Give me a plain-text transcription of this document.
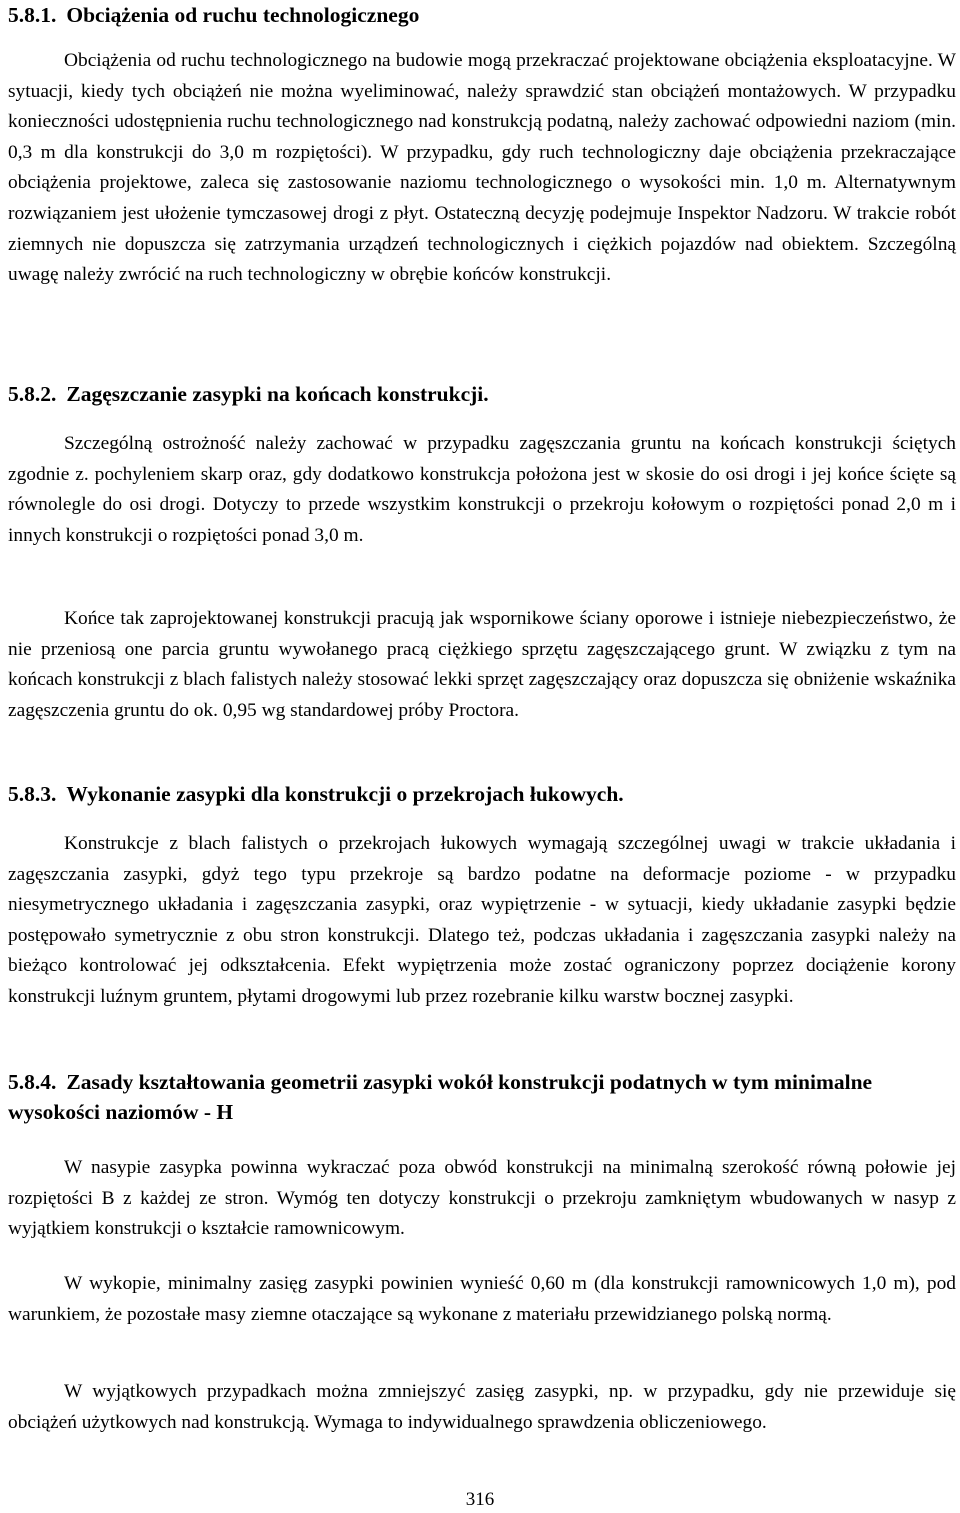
5.8.1. Obciążenia od ruchu technologicznego

Obciążenia od ruchu technologicznego na budowie mogą przekraczać projektowane obciążenia eksploatacyjne. W sytuacji, kiedy tych obciążeń nie można wyeliminować, należy sprawdzić stan obciążeń montażowych. W przypadku konieczności udostępnienia ruchu technologicznego nad konstrukcją podatną, należy zachować odpowiedni naziom (min. 0,3 m dla konstrukcji do 3,0 m rozpiętości). W przypadku, gdy ruch technologiczny daje obciążenia przekraczające obciążenia projektowe, zaleca się zastosowanie naziomu technologicznego o wysokości min. 1,0 m. Alternatywnym rozwiązaniem jest ułożenie tymczasowej drogi z płyt. Ostateczną decyzję podejmuje Inspektor Nadzoru. W trakcie robót ziemnych nie dopuszcza się zatrzymania urządzeń technologicznych i ciężkich pojazdów nad obiektem. Szczególną uwagę należy zwrócić na ruch technologiczny w obrębie końców konstrukcji.

5.8.2. Zagęszczanie zasypki na końcach konstrukcji.

Szczególną ostrożność należy zachować w przypadku zagęszczania gruntu na końcach konstrukcji ściętych zgodnie z. pochyleniem skarp oraz, gdy dodatkowo konstrukcja położona jest w skosie do osi drogi i jej końce ścięte są równolegle do osi drogi. Dotyczy to przede wszystkim konstrukcji o przekroju kołowym o rozpiętości ponad 2,0 m i innych konstrukcji o rozpiętości ponad 3,0 m.

Końce tak zaprojektowanej konstrukcji pracują jak wspornikowe ściany oporowe i istnieje niebezpieczeństwo, że nie przeniosą one parcia gruntu wywołanego pracą ciężkiego sprzętu zagęszczającego grunt. W związku z tym na końcach konstrukcji z blach falistych należy stosować lekki sprzęt zagęszczający oraz dopuszcza się obniżenie wskaźnika zagęszczenia gruntu do ok. 0,95 wg standardowej próby Proctora.

5.8.3. Wykonanie zasypki dla konstrukcji o przekrojach łukowych.

Konstrukcje z blach falistych o przekrojach łukowych wymagają szczególnej uwagi w trakcie układania i zagęszczania zasypki, gdyż tego typu przekroje są bardzo podatne na deformacje poziome - w przypadku niesymetrycznego układania i zagęszczania zasypki, oraz wypiętrzenie - w sytuacji, kiedy układanie zasypki będzie postępowało symetrycznie z obu stron konstrukcji. Dlatego też, podczas układania i zagęszczania zasypki należy na bieżąco kontrolować jej odkształcenia. Efekt wypiętrzenia może zostać ograniczony poprzez dociążenie korony konstrukcji luźnym gruntem, płytami drogowymi lub przez rozebranie kilku warstw bocznej zasypki.

5.8.4. Zasady kształtowania geometrii zasypki wokół konstrukcji podatnych w tym minimalne wysokości naziomów - H

W nasypie zasypka powinna wykraczać poza obwód konstrukcji na minimalną szerokość równą połowie jej rozpiętości B z każdej ze stron. Wymóg ten dotyczy konstrukcji o przekroju zamkniętym wbudowanych w nasyp z wyjątkiem konstrukcji o kształcie ramownicowym.

W wykopie, minimalny zasięg zasypki powinien wynieść 0,60 m (dla konstrukcji ramownicowych 1,0 m), pod warunkiem, że pozostałe masy ziemne otaczające są wykonane z materiału przewidzianego polską normą.

W wyjątkowych przypadkach można zmniejszyć zasięg zasypki, np. w przypadku, gdy nie przewiduje się obciążeń użytkowych nad konstrukcją. Wymaga to indywidualnego sprawdzenia obliczeniowego.

316
